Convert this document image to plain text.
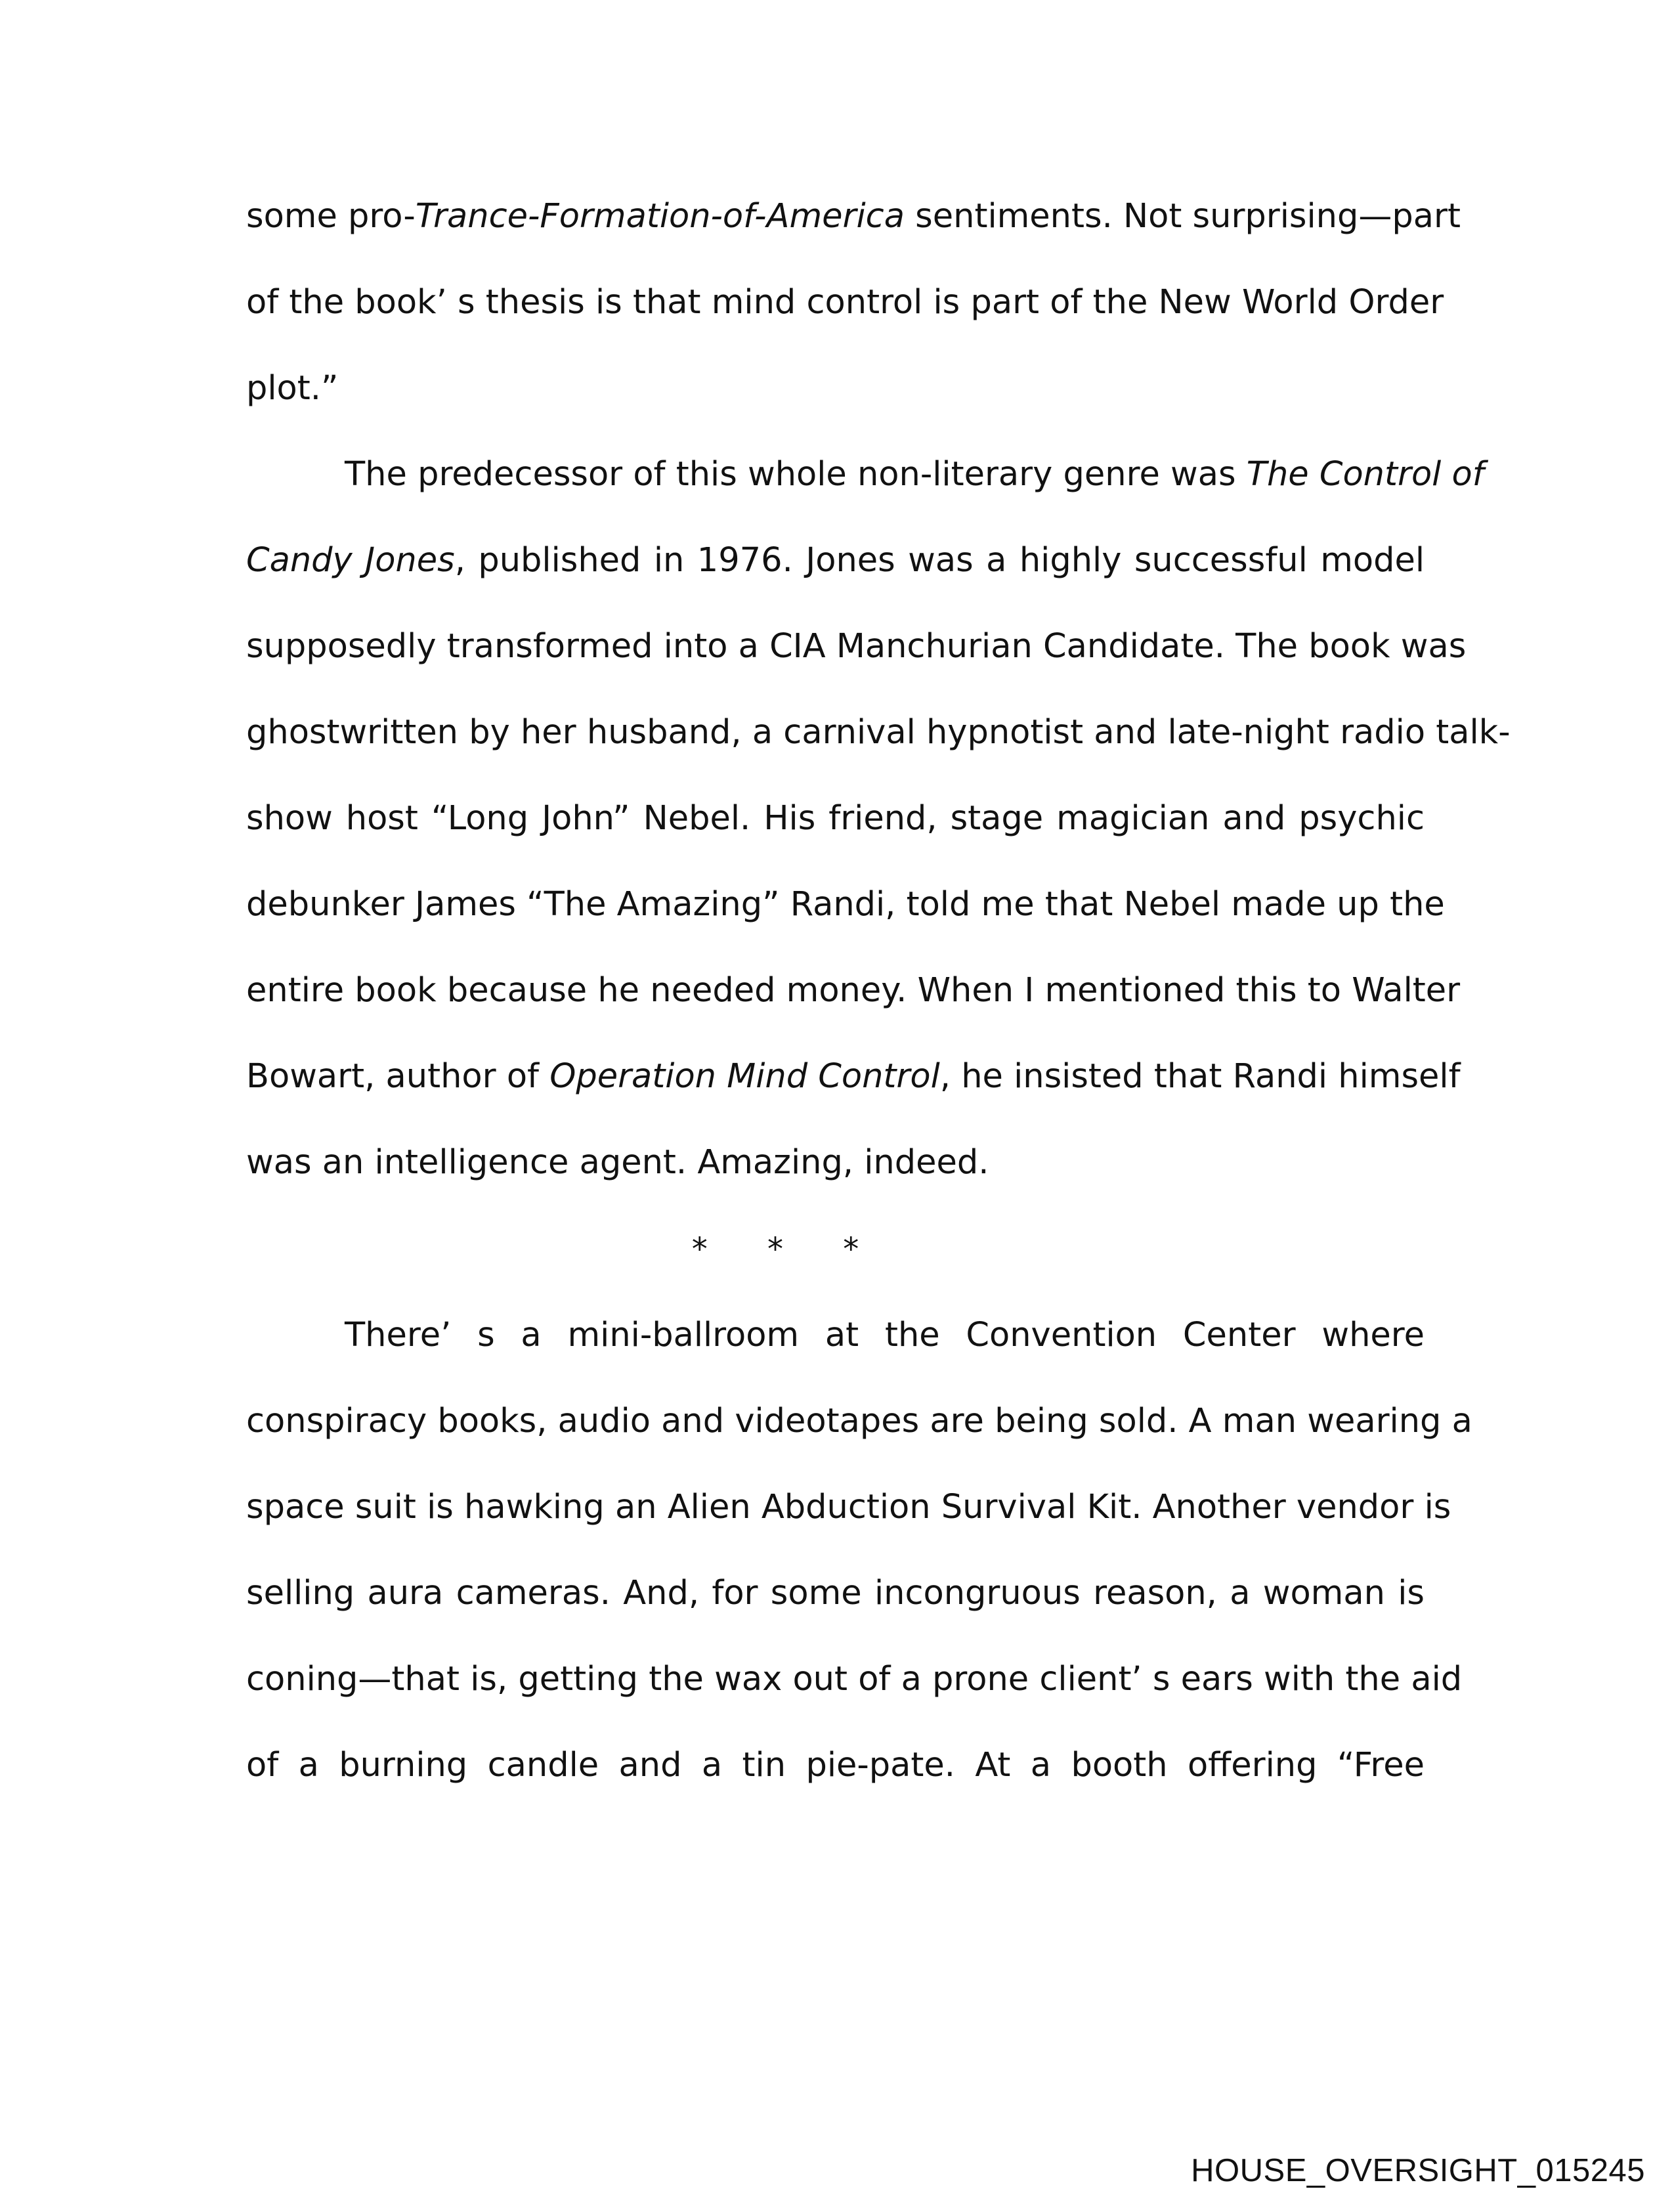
some pro-Trance-Formation-of-America sentiments. Not surprising—part
of the book’ s thesis is that mind control is part of the New World Order
plot.”
The predecessor of this whole non-literary genre was The Control of
Candy Jones, published in 1976. Jones was a highly successful model
supposedly transformed into a CIA Manchurian Candidate. The book was
ghostwritten by her husband, a carnival hypnotist and late-night radio talk-
show host “Long John” Nebel. His friend, stage magician and psychic
debunker James “The Amazing” Randi, told me that Nebel made up the
entire book because he needed money. When I mentioned this to Walter
Bowart, author of Operation Mind Control, he insisted that Randi himself
was an intelligence agent. Amazing, indeed.
There’ s a mini-ballroom at the Convention Center where
conspiracy books, audio and videotapes are being sold. A man wearing a
space suit is hawking an Alien Abduction Survival Kit. Another vendor is
selling aura cameras. And, for some incongruous reason, a woman is
coning—that is, getting the wax out of a prone client’ s ears with the aid
of a burning candle and a tin pie-pate. At a booth offering “Free
* * *
HOUSE_OVERSIGHT_015245
